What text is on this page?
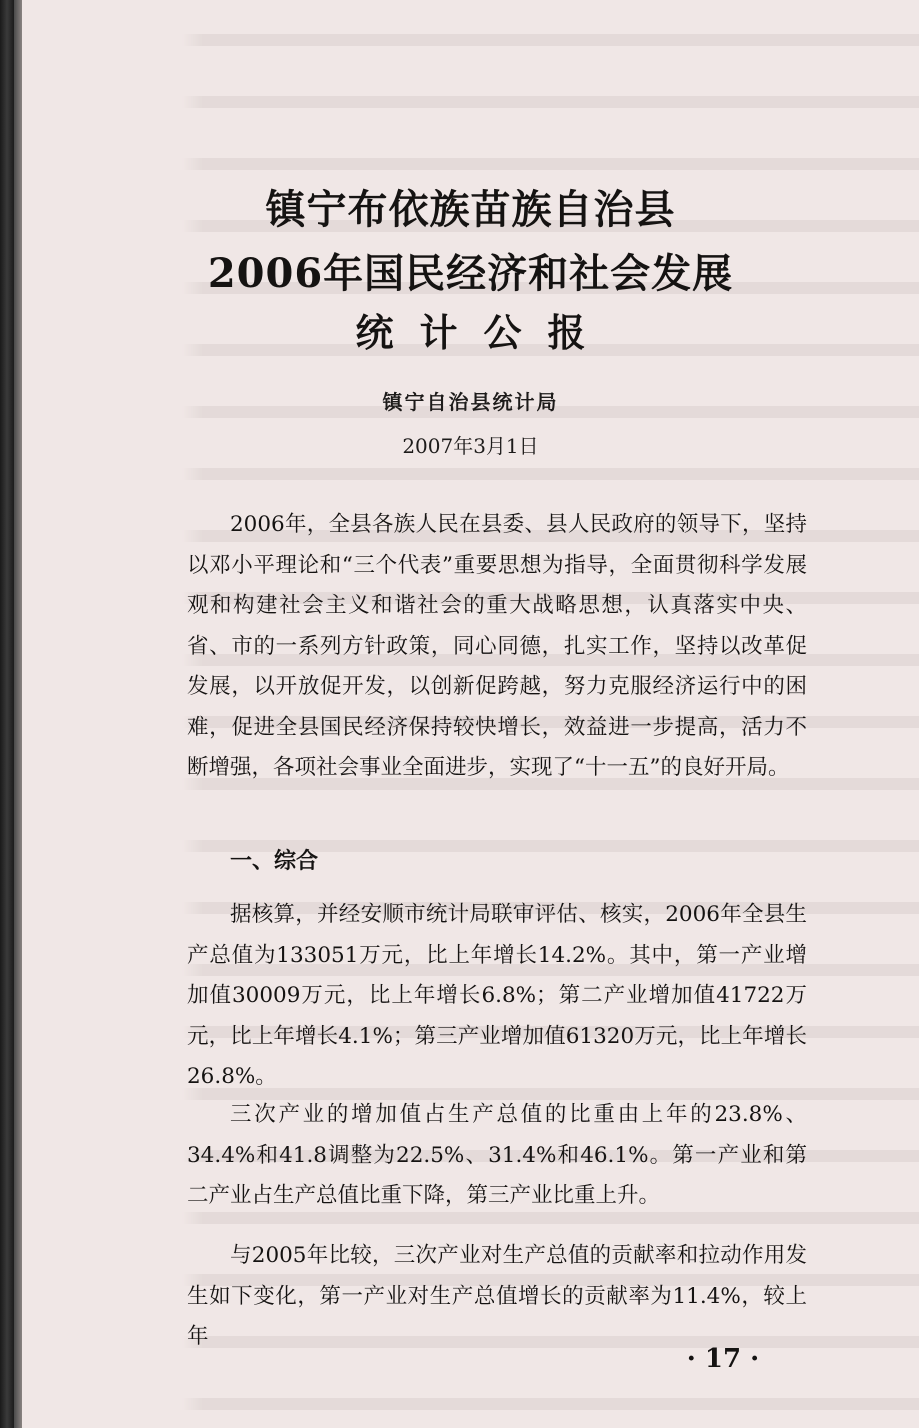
镇宁布依族苗族自治县
2006年国民经济和社会发展
统计公报
镇宁自治县统计局
2007年3月1日

2006年，全县各族人民在县委、县人民政府的领导下，坚持以邓小平理论和“三个代表”重要思想为指导，全面贯彻科学发展观和构建社会主义和谐社会的重大战略思想，认真落实中央、省、市的一系列方针政策，同心同德，扎实工作，坚持以改革促发展，以开放促开发，以创新促跨越，努力克服经济运行中的困难，促进全县国民经济保持较快增长，效益进一步提高，活力不断增强，各项社会事业全面进步，实现了“十一五”的良好开局。

一、综合

据核算，并经安顺市统计局联审评估、核实，2006年全县生产总值为133051万元，比上年增长14.2%。其中，第一产业增加值30009万元，比上年增长6.8%；第二产业增加值41722万元，比上年增长4.1%；第三产业增加值61320万元，比上年增长26.8%。

三次产业的增加值占生产总值的比重由上年的23.8%、34.4%和41.8调整为22.5%、31.4%和46.1%。第一产业和第二产业占生产总值比重下降，第三产业比重上升。

与2005年比较，三次产业对生产总值的贡献率和拉动作用发生如下变化，第一产业对生产总值增长的贡献率为11.4%，较上年

· 17 ·
